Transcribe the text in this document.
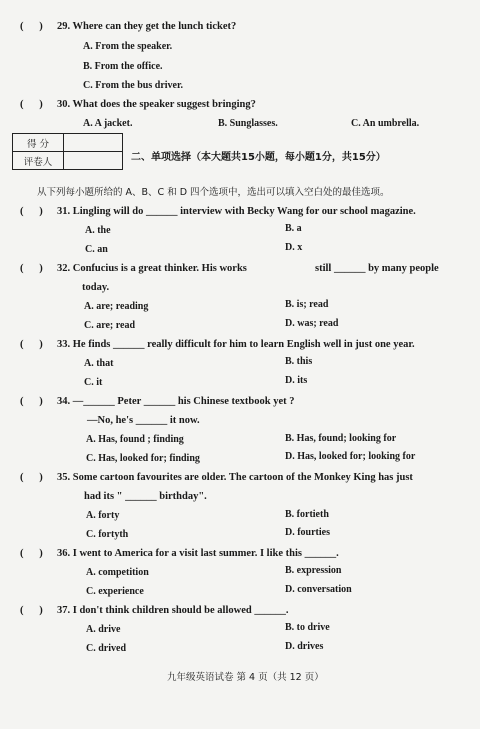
(      ) 29. Where can they get the lunch ticket?
A. From the speaker.
B. From the office.
C. From the bus driver.
(      ) 30. What does the speaker suggest bringing?
A. A jacket.	B. Sunglasses.	C. An umbrella.
得 分	
评卷人		二、单项选择（本大题共15小题，每小题1分，共15分）
从下列每小题所给的 A、B、C 和 D 四个选项中，选出可以填入空白处的最佳选项。
(      ) 31. Lingling will do ______ interview with Becky Wang for our school magazine.
A. the	B. a
C. an	D. x
(      ) 32. Confucius is a great thinker. His works	still ______ by many people
today.
A. are; reading	B. is; read
C. are; read	D. was; read
(      ) 33. He finds ______ really difficult for him to learn English well in just one year.
A. that	B. this
C. it	D. its
(      ) 34. —______ Peter ______ his Chinese textbook yet ?
—No, he's ______ it now.
A. Has, found ; finding	B. Has, found; looking for
C. Has, looked for; finding	D. Has, looked for; looking for
(      ) 35. Some cartoon favourites are older. The cartoon of the Monkey King has just
had its " ______ birthday".
A. forty	B. fortieth
C. fortyth	D. fourties
(      ) 36. I went to America for a visit last summer. I like this ______.
A. competition	B. expression
C. experience	D. conversation
(      ) 37. I don't think children should be allowed ______.
A. drive	B. to drive
C. drived	D. drives
九年级英语试卷 第 4 页（共 12 页）
